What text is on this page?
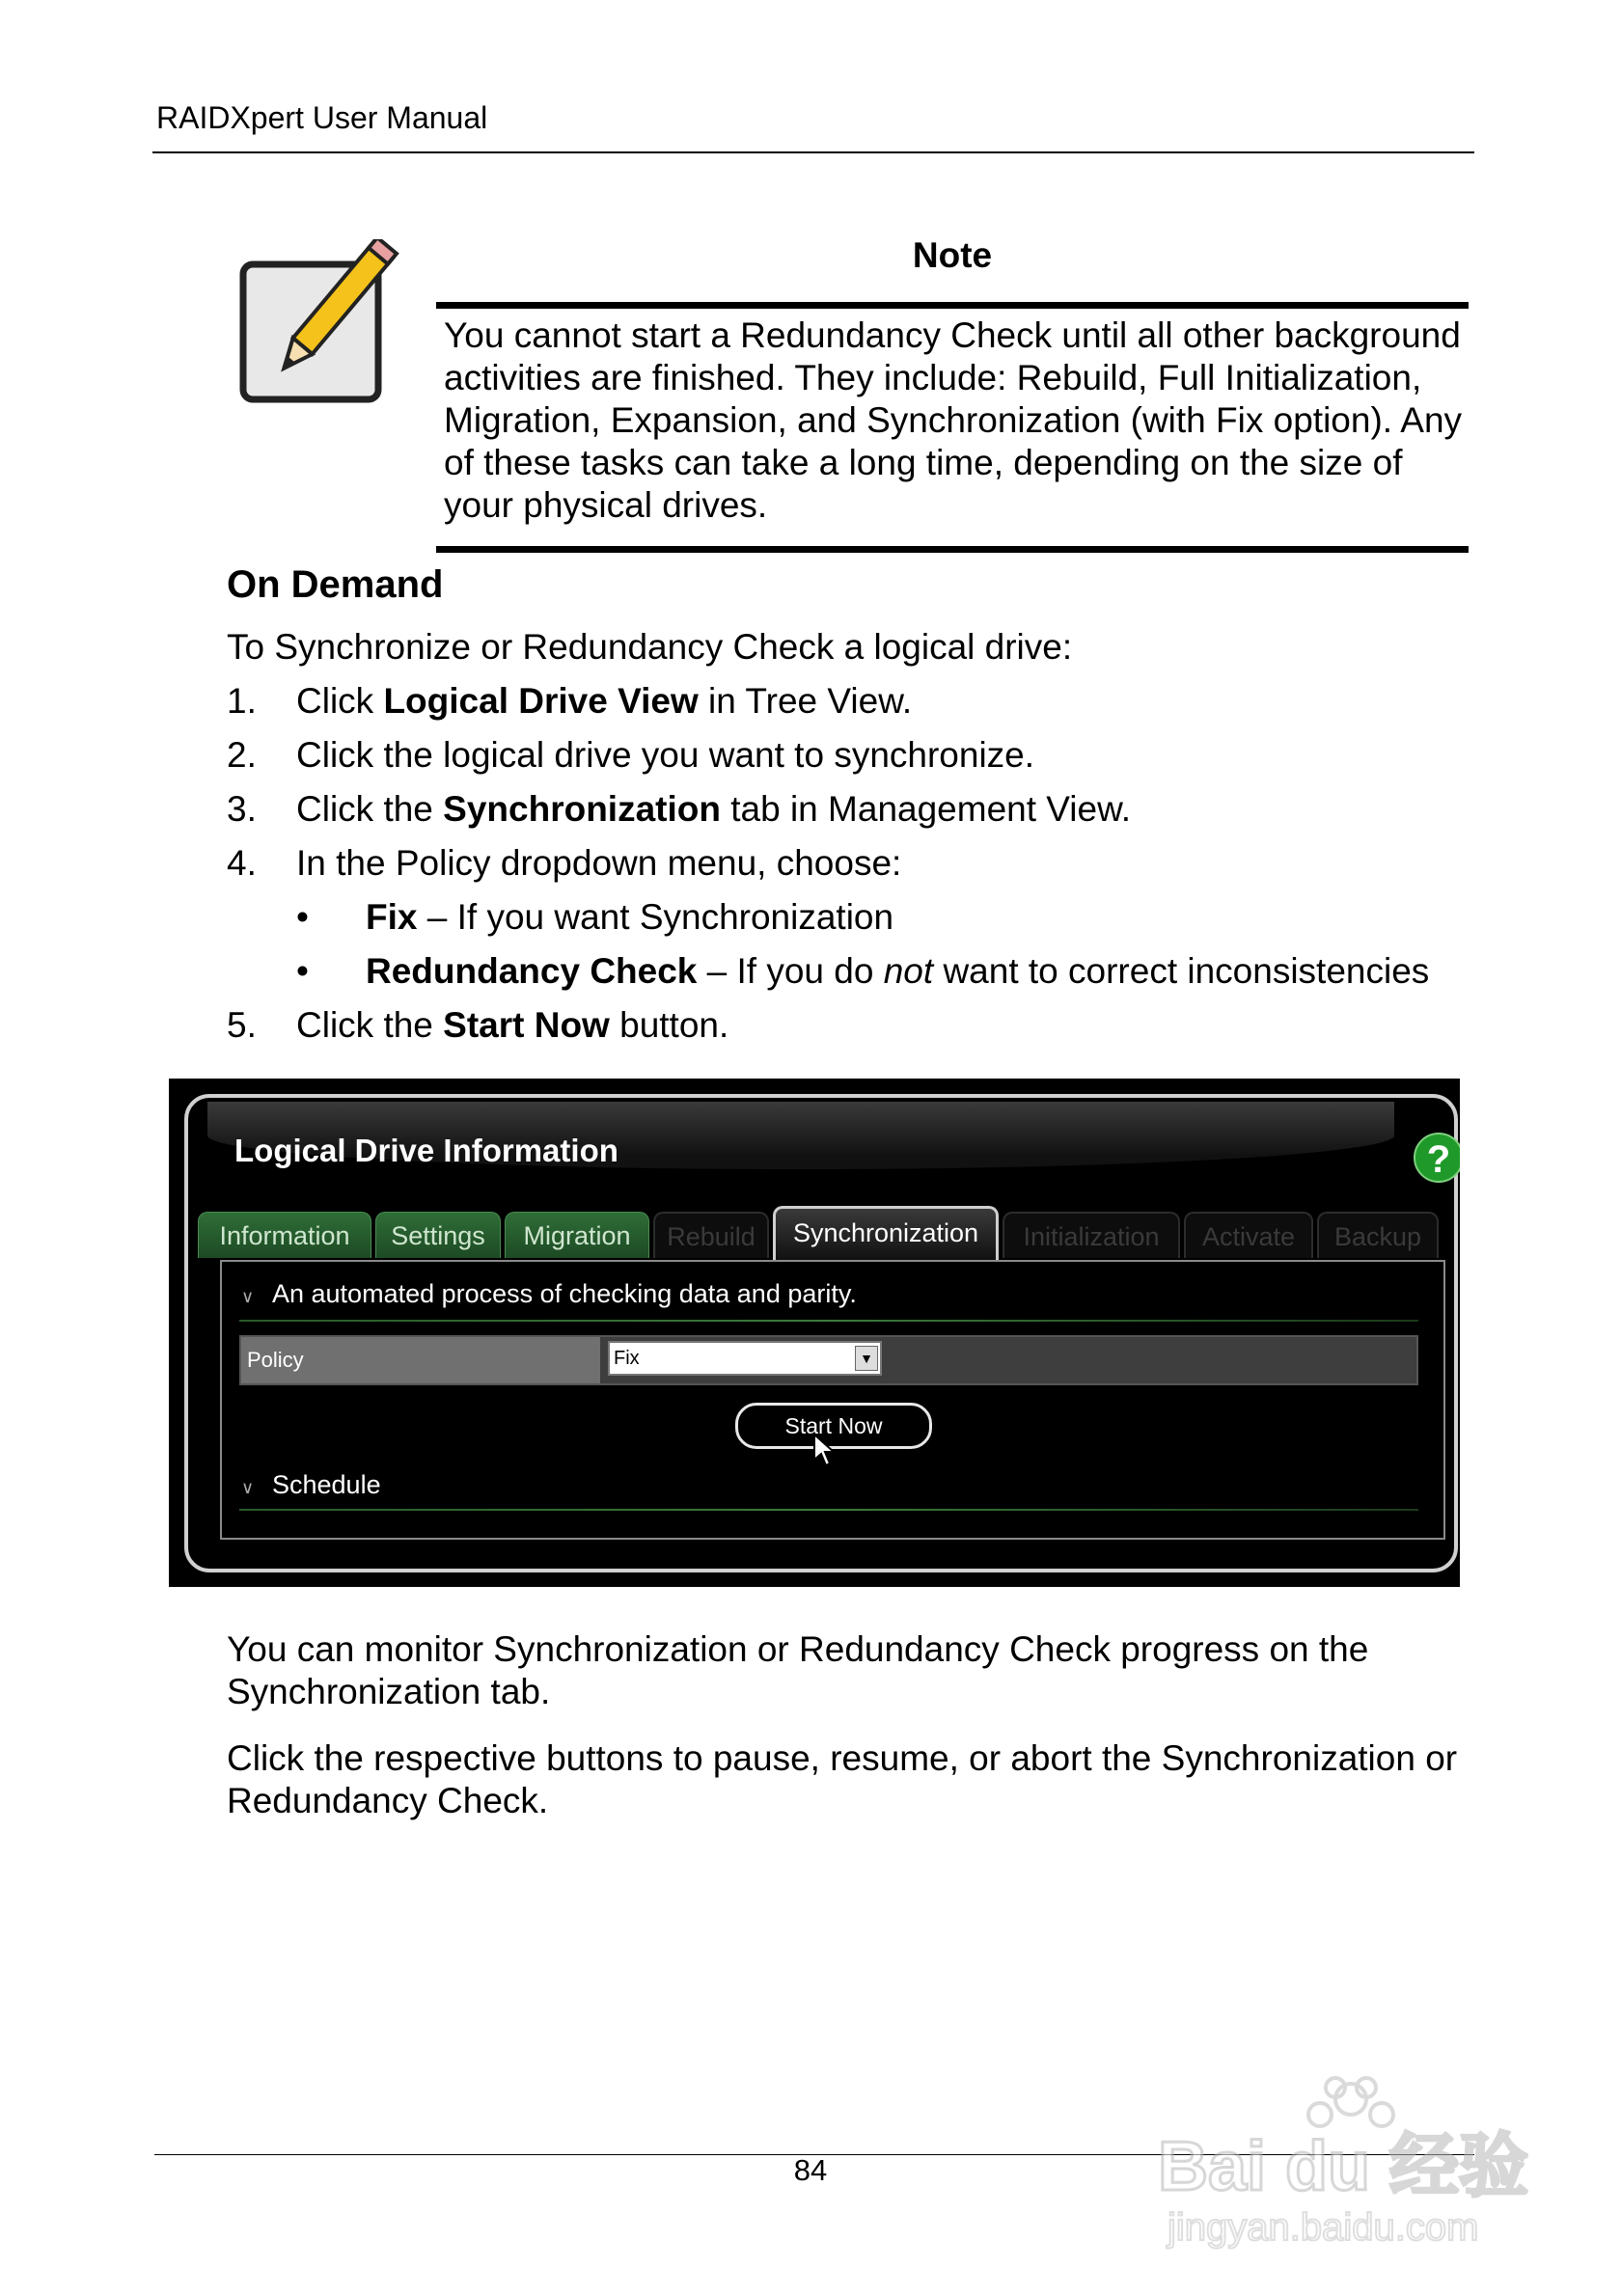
RAIDXpert User Manual
Note
You cannot start a Redundancy Check until all other background activities are finished. They include: Rebuild, Full Initialization, Migration, Expansion, and Synchronization (with Fix option). Any of these tasks can take a long time, depending on the size of your physical drives.
On Demand
To Synchronize or Redundancy Check a logical drive:
1. Click Logical Drive View in Tree View.
2. Click the logical drive you want to synchronize.
3. Click the Synchronization tab in Management View.
4. In the Policy dropdown menu, choose:
• Fix – If you want Synchronization
• Redundancy Check – If you do not want to correct inconsistencies
5. Click the Start Now button.
Logical Drive Information	?
Information	Settings	Migration	Rebuild	Synchronization	Initialization	Activate	Backup
∨ An automated process of checking data and parity.
Policy	Fix	▼
Start Now
∨ Schedule
You can monitor Synchronization or Redundancy Check progress on the Synchronization tab.
Click the respective buttons to pause, resume, or abort the Synchronization or Redundancy Check.
84	Bai du 经验
jingyan.baidu.com
